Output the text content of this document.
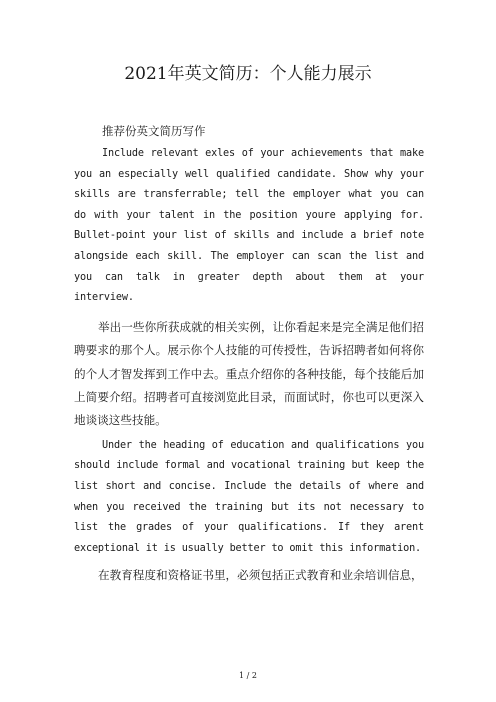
2021年英文简历：个人能力展示

推荐份英文简历写作

Include relevant exles of your achievements that make you an especially well qualified candidate. Show why your skills are transferrable; tell the employer what you can do with your talent in the position youre applying for. Bullet-point your list of skills and include a brief note alongside each skill. The employer can scan the list and you can talk in greater depth about them at your interview.

举出一些你所获成就的相关实例，让你看起来是完全满足他们招聘要求的那个人。展示你个人技能的可传授性，告诉招聘者如何将你的个人才智发挥到工作中去。重点介绍你的各种技能，每个技能后加上简要介绍。招聘者可直接浏览此目录，而面试时，你也可以更深入地谈谈这些技能。

Under the heading of education and qualifications you should include formal and vocational training but keep the list short and concise. Include the details of where and when you received the training but its not necessary to list the grades of your qualifications. If they arent exceptional it is usually better to omit this information.

在教育程度和资格证书里，必须包括正式教育和业余培训信息，

1 / 2
